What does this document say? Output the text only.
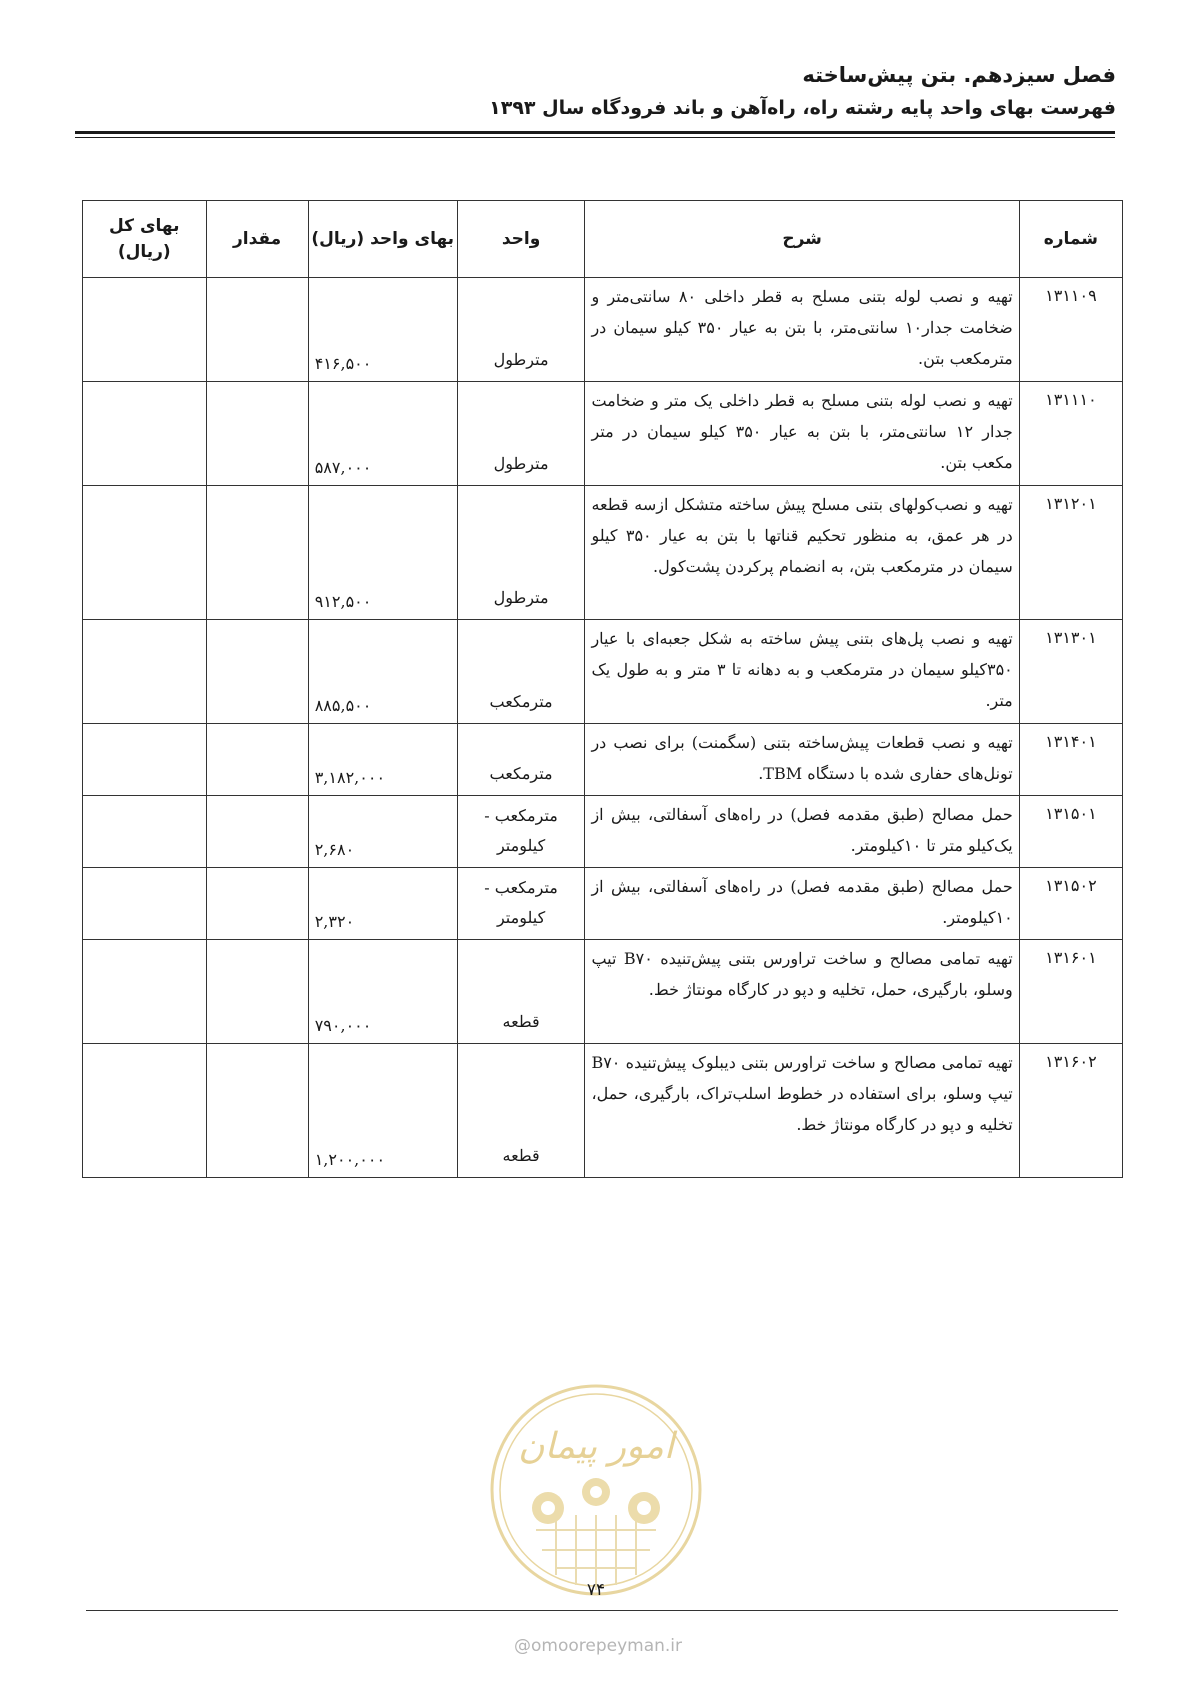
فصل سیزدهم. بتن پیش‌ساخته
فهرست بهای واحد پایه رشته راه، راه‌آهن و باند فرودگاه سال ۱۳۹۳
شماره	شرح	واحد	بهای واحد (ریال)	مقدار	بهای کل
(ریال)
۱۳۱۱۰۹	تهیه و نصب لوله بتنی مسلح به قطر داخلی ۸۰ سانتی‌متر و ضخامت جدار۱۰ سانتی‌متر، با بتن به عیار ۳۵۰ کیلو سیمان در مترمکعب بتن.	مترطول	۴۱۶,۵۰۰		
۱۳۱۱۱۰	تهیه و نصب لوله بتنی مسلح به قطر داخلی یک متر و ضخامت جدار ۱۲ سانتی‌متر، با بتن به عیار ۳۵۰ کیلو سیمان در متر مکعب بتن.	مترطول	۵۸۷,۰۰۰		
۱۳۱۲۰۱	تهیه و نصب‌کولهای بتنی مسلح پیش ساخته متشکل ازسه قطعه در هر عمق، به منظور تحکیم قناتها با بتن به عیار ۳۵۰ کیلو سیمان در مترمکعب بتن، به انضمام پرکردن پشت‌کول.	مترطول	۹۱۲,۵۰۰		
۱۳۱۳۰۱	تهیه و نصب پل‌های بتنی پیش ساخته به شکل جعبه‌ای با عیار ۳۵۰کیلو سیمان در مترمکعب و به دهانه تا ۳ متر و به طول یک متر.	مترمکعب	۸۸۵,۵۰۰		
۱۳۱۴۰۱	تهیه و نصب قطعات پیش‌ساخته بتنی (سگمنت) برای نصب در تونل‌های حفاری شده با دستگاه TBM.	مترمکعب	۳,۱۸۲,۰۰۰		
۱۳۱۵۰۱	حمل مصالح (طبق مقدمه فصل) در راه‌های آسفالتی، بیش از یک‌کیلو متر تا ۱۰کیلومتر.	مترمکعب - کیلومتر	۲,۶۸۰		
۱۳۱۵۰۲	حمل مصالح (طبق مقدمه فصل) در راه‌های آسفالتی، بیش از ۱۰کیلومتر.	مترمکعب - کیلومتر	۲,۳۲۰		
۱۳۱۶۰۱	تهیه تمامی مصالح و ساخت تراورس بتنی پیش‌تنیده B۷۰ تیپ وسلو، بارگیری، حمل، تخلیه و دپو در کارگاه مونتاژ خط.	قطعه	۷۹۰,۰۰۰		
۱۳۱۶۰۲	تهیه تمامی مصالح و ساخت تراورس بتنی دیبلوک پیش‌تنیده B۷۰ تیپ وسلو، برای استفاده در خطوط اسلب‌تراک، بارگیری، حمل، تخلیه و دپو در کارگاه مونتاژ خط.	قطعه	۱,۲۰۰,۰۰۰		
امور پیمان
۷۴
@omoorepeyman.ir
